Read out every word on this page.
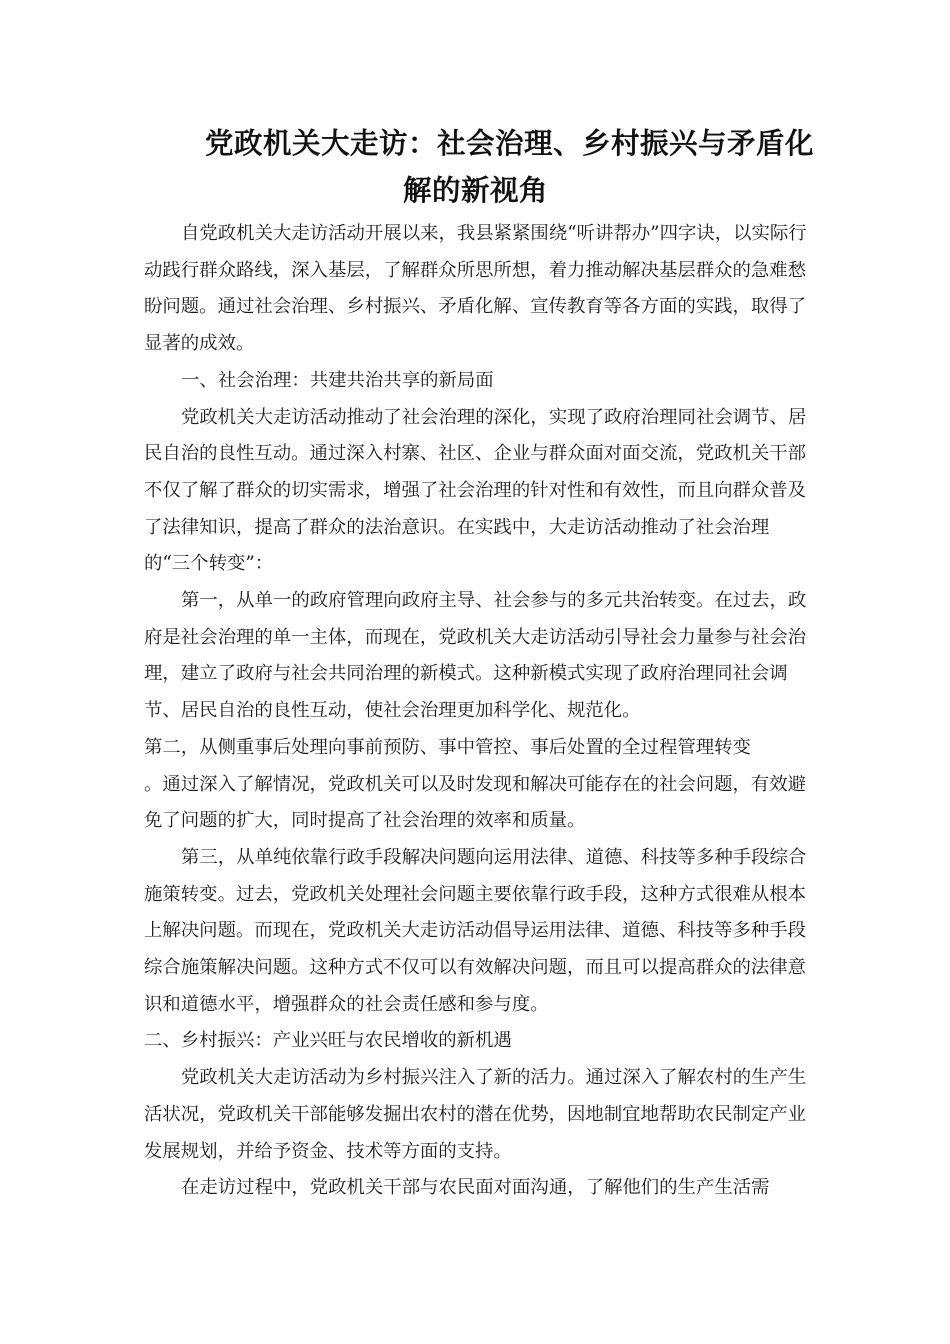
党政机关大走访：社会治理、乡村振兴与矛盾化
解的新视角

自党政机关大走访活动开展以来，我县紧紧围绕“听讲帮办”四字诀，以实际行动践行群众路线，深入基层，了解群众所思所想，着力推动解决基层群众的急难愁盼问题。通过社会治理、乡村振兴、矛盾化解、宣传教育等各方面的实践，取得了显著的成效。

一、社会治理：共建共治共享的新局面

党政机关大走访活动推动了社会治理的深化，实现了政府治理同社会调节、居民自治的良性互动。通过深入村寨、社区、企业与群众面对面交流，党政机关干部不仅了解了群众的切实需求，增强了社会治理的针对性和有效性，而且向群众普及了法律知识，提高了群众的法治意识。在实践中，大走访活动推动了社会治理的“三个转变”：

第一，从单一的政府管理向政府主导、社会参与的多元共治转变。在过去，政府是社会治理的单一主体，而现在，党政机关大走访活动引导社会力量参与社会治理，建立了政府与社会共同治理的新模式。这种新模式实现了政府治理同社会调节、居民自治的良性互动，使社会治理更加科学化、规范化。

第二，从侧重事后处理向事前预防、事中管控、事后处置的全过程管理转变

。通过深入了解情况，党政机关可以及时发现和解决可能存在的社会问题，有效避免了问题的扩大，同时提高了社会治理的效率和质量。

第三，从单纯依靠行政手段解决问题向运用法律、道德、科技等多种手段综合施策转变。过去，党政机关处理社会问题主要依靠行政手段，这种方式很难从根本上解决问题。而现在，党政机关大走访活动倡导运用法律、道德、科技等多种手段综合施策解决问题。这种方式不仅可以有效解决问题，而且可以提高群众的法律意识和道德水平，增强群众的社会责任感和参与度。

二、乡村振兴：产业兴旺与农民增收的新机遇

党政机关大走访活动为乡村振兴注入了新的活力。通过深入了解农村的生产生活状况，党政机关干部能够发掘出农村的潜在优势，因地制宜地帮助农民制定产业发展规划，并给予资金、技术等方面的支持。

在走访过程中，党政机关干部与农民面对面沟通，了解他们的生产生活需
